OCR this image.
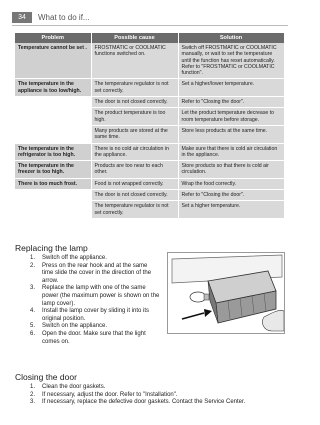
34	What to do if...
Problem	Possible cause	Solution
Temperature cannot be set .	FROSTMATIC or COOLMATIC functions switched on.	Switch off FROSTMATIC or COOLMATIC manually, or wait to set the temperature until the function has reset automatically. Refer to "FROSTMATIC or COOLMATIC function".
The temperature in the appliance is too low/high.	The temperature regulator is not set correctly.	Set a higher/lower temperature.
	The door is not closed correctly.	Refer to "Closing the door".
	The product temperature is too high.	Let the product temperature decrease to room temperature before storage.
	Many products are stored at the same time.	Store less products at the same time.
The temperature in the refrigerator is too high.	There is no cold air circulation in the appliance.	Make sure that there is cold air circulation in the appliance.
The temperature in the freezer is too high.	Products are too near to each other.	Store products so that there is cold air circulation.
There is too much frost.	Food is not wrapped correctly.	Wrap the food correctly.
	The door is not closed correctly.	Refer to "Closing the door".
	The temperature regulator is not set correctly.	Set a higher temperature.
Replacing the lamp
1. Switch off the appliance.
2. Press on the rear hook and at the same time slide the cover in the direction of the arrow.
3. Replace the lamp with one of the same power (the maximum power is shown on the lamp cover).
4. Install the lamp cover by sliding it into its original position.
5. Switch on the appliance.
6. Open the door. Make sure that the light comes on.
Closing the door
1. Clean the door gaskets.
2. If necessary, adjust the door. Refer to "Installation".
3. If necessary, replace the defective door gaskets. Contact the Service Center.
